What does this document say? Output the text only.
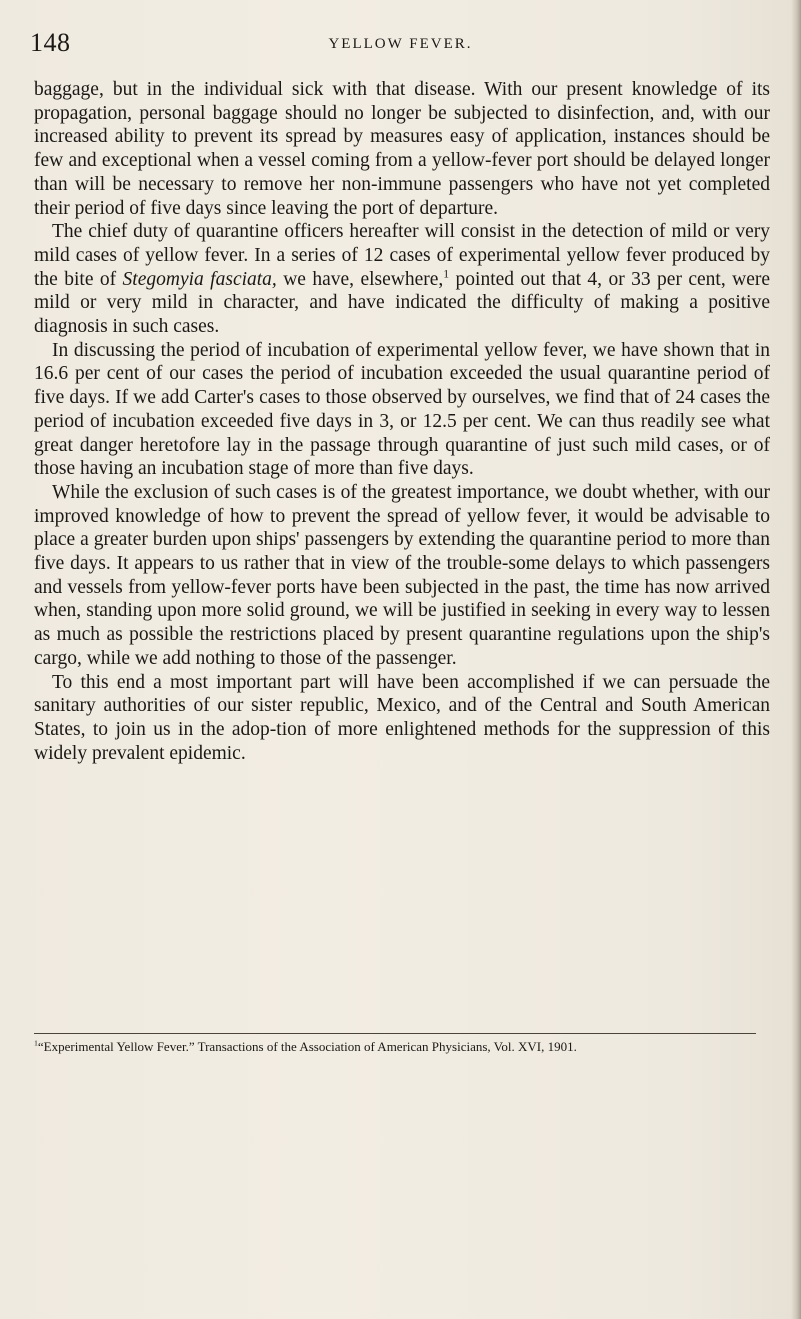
148	YELLOW FEVER.

baggage, but in the individual sick with that disease. With our present knowledge of its propagation, personal baggage should no longer be subjected to disinfection, and, with our increased ability to prevent its spread by measures easy of application, instances should be few and exceptional when a vessel coming from a yellow-fever port should be delayed longer than will be necessary to remove her non-immune passengers who have not yet completed their period of five days since leaving the port of departure.

The chief duty of quarantine officers hereafter will consist in the detection of mild or very mild cases of yellow fever. In a series of 12 cases of experimental yellow fever produced by the bite of Stegomyia fasciata, we have, elsewhere,$^1$ pointed out that 4, or 33 per cent, were mild or very mild in character, and have indicated the difficulty of making a positive diagnosis in such cases.

In discussing the period of incubation of experimental yellow fever, we have shown that in 16.6 per cent of our cases the period of incubation exceeded the usual quarantine period of five days. If we add Carter's cases to those observed by ourselves, we find that of 24 cases the period of incubation exceeded five days in 3, or 12.5 per cent. We can thus readily see what great danger heretofore lay in the passage through quarantine of just such mild cases, or of those having an incubation stage of more than five days.

While the exclusion of such cases is of the greatest importance, we doubt whether, with our improved knowledge of how to prevent the spread of yellow fever, it would be advisable to place a greater burden upon ships' passengers by extending the quarantine period to more than five days. It appears to us rather that in view of the trouble-some delays to which passengers and vessels from yellow-fever ports have been subjected in the past, the time has now arrived when, standing upon more solid ground, we will be justified in seeking in every way to lessen as much as possible the restrictions placed by present quarantine regulations upon the ship's cargo, while we add nothing to those of the passenger.

To this end a most important part will have been accomplished if we can persuade the sanitary authorities of our sister republic, Mexico, and of the Central and South American States, to join us in the adop-tion of more enlightened methods for the suppression of this widely prevalent epidemic.

$^1$“Experimental Yellow Fever.” Transactions of the Association of American Physicians, Vol. XVI, 1901.
